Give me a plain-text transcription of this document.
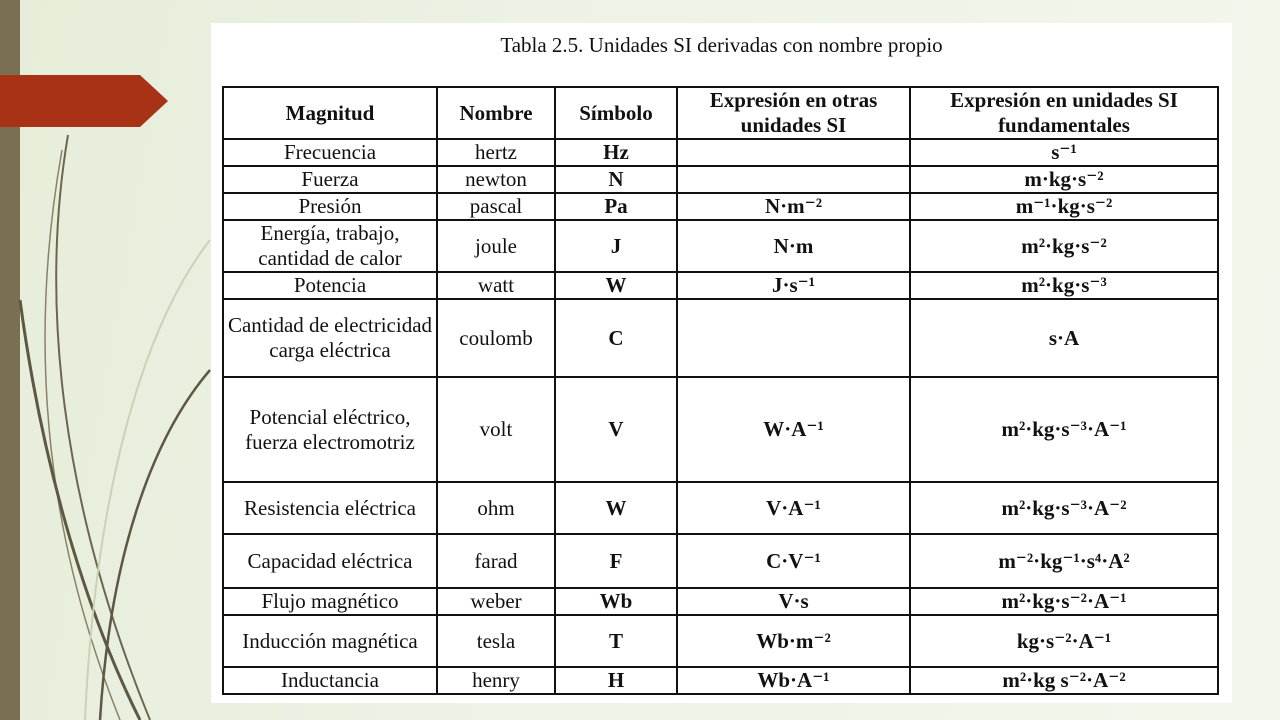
Tabla 2.5. Unidades SI derivadas con nombre propio
Magnitud	Nombre	Símbolo	Expresión en otras unidades SI	Expresión en unidades SI fundamentales
Frecuencia	hertz	Hz		s⁻¹
Fuerza	newton	N		m·kg·s⁻²
Presión	pascal	Pa	N·m⁻²	m⁻¹·kg·s⁻²
Energía, trabajo, cantidad de calor	joule	J	N·m	m²·kg·s⁻²
Potencia	watt	W	J·s⁻¹	m²·kg·s⁻³
Cantidad de electricidad carga eléctrica	coulomb	C		s·A
Potencial eléctrico, fuerza electromotriz	volt	V	W·A⁻¹	m²·kg·s⁻³·A⁻¹
Resistencia eléctrica	ohm	W	V·A⁻¹	m²·kg·s⁻³·A⁻²
Capacidad eléctrica	farad	F	C·V⁻¹	m⁻²·kg⁻¹·s⁴·A²
Flujo magnético	weber	Wb	V·s	m²·kg·s⁻²·A⁻¹
Inducción magnética	tesla	T	Wb·m⁻²	kg·s⁻²·A⁻¹
Inductancia	henry	H	Wb·A⁻¹	m²·kg s⁻²·A⁻²
